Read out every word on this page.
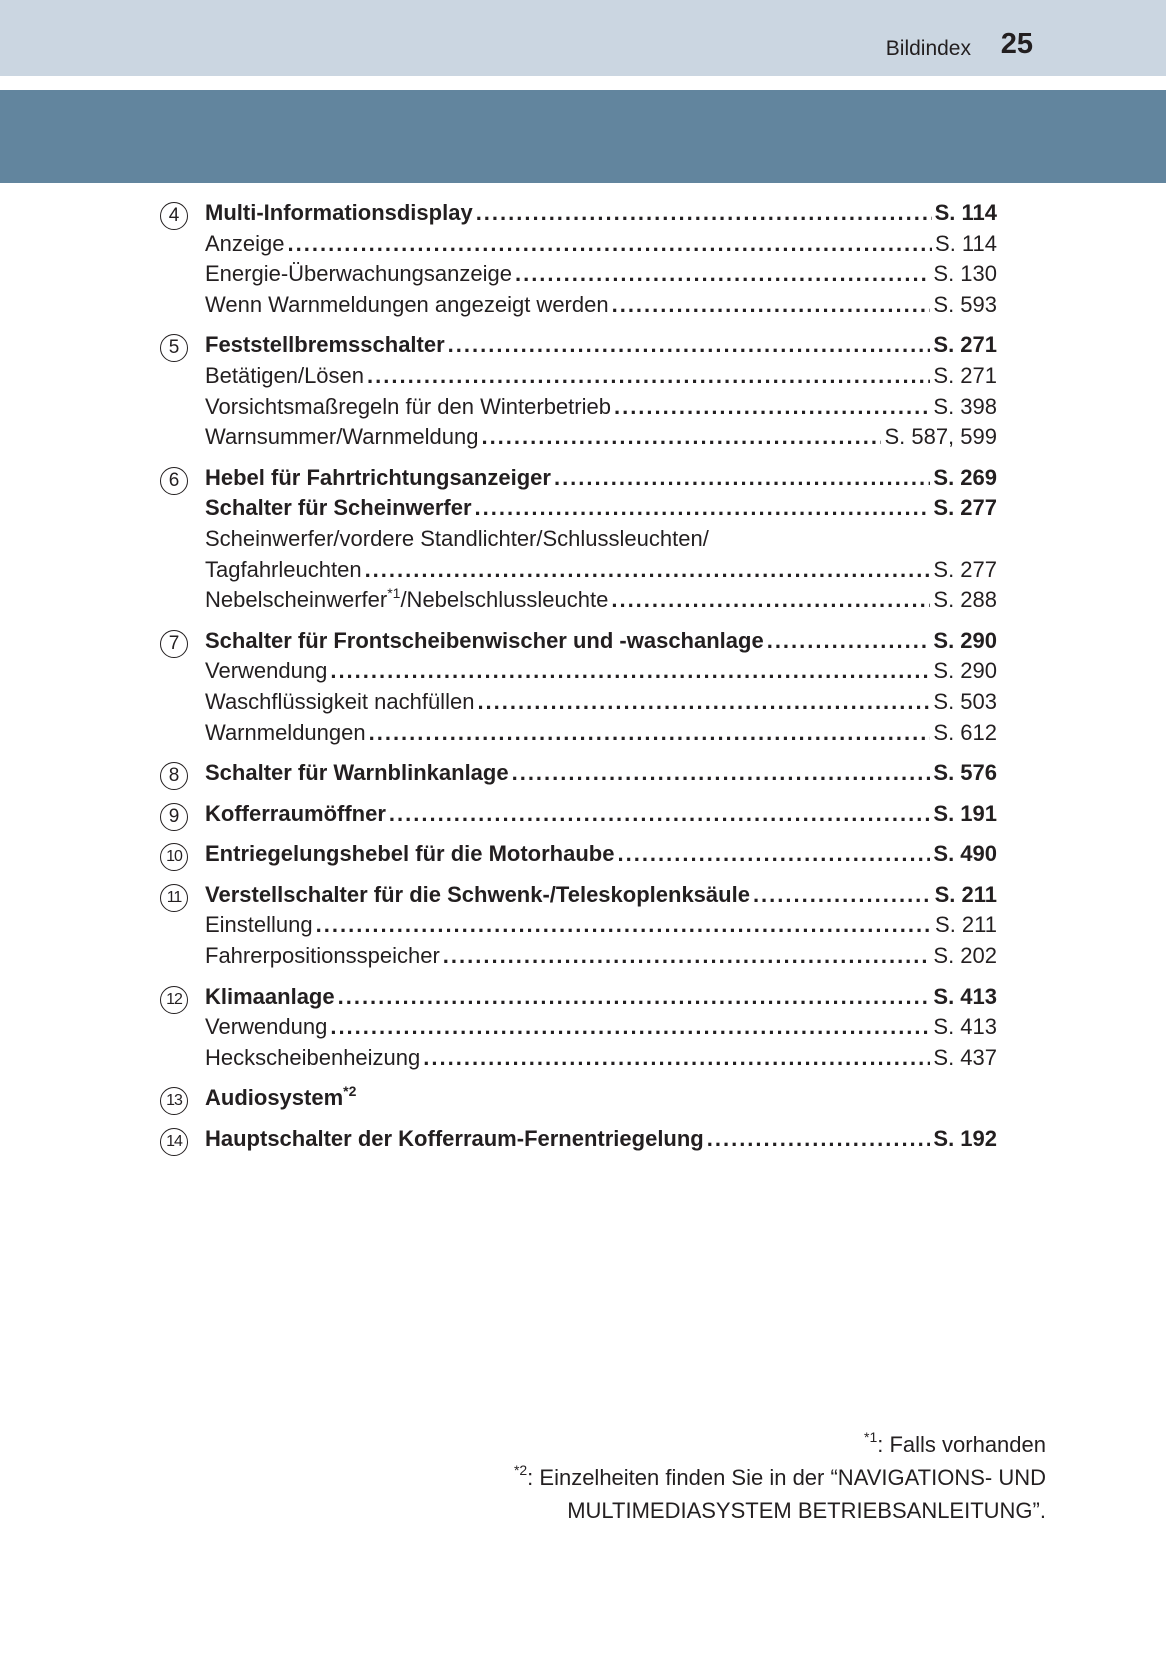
Bildindex 25
4	Multi-Informationsdisplay .....	S. 114
Anzeige .....	S. 114
Energie-Überwachungsanzeige .....	S. 130
Wenn Warnmeldungen angezeigt werden .....	S. 593
5	Feststellbremsschalter .....	S. 271
Betätigen/Lösen .....	S. 271
Vorsichtsmaßregeln für den Winterbetrieb .....	S. 398
Warnsummer/Warnmeldung .....	S. 587, 599
6	Hebel für Fahrtrichtungsanzeiger .....	S. 269
Schalter für Scheinwerfer .....	S. 277
Scheinwerfer/vordere Standlichter/Schlussleuchten/
Tagfahrleuchten .....	S. 277
Nebelscheinwerfer$^{*1}$/Nebelschlussleuchte .....	S. 288
7	Schalter für Frontscheibenwischer und -waschanlage .....	S. 290
Verwendung .....	S. 290
Waschflüssigkeit nachfüllen .....	S. 503
Warnmeldungen .....	S. 612
8	Schalter für Warnblinkanlage .....	S. 576
9	Kofferraumöffner .....	S. 191
10 Entriegelungshebel für die Motorhaube .....	S. 490
11	Verstellschalter für die Schwenk-/Teleskoplenksäule .....	S. 211
Einstellung .....	S. 211
Fahrerpositionsspeicher .....	S. 202
12 Klimaanlage .....	S. 413
Verwendung .....	S. 413
Heckscheibenheizung .....	S. 437
13 Audiosystem$^{*2}$
14 Hauptschalter der Kofferraum-Fernentriegelung .....	S. 192
$^{*1}$: Falls vorhanden
$^{*2}$: Einzelheiten finden Sie in der “NAVIGATIONS- UND
MULTIMEDIASYSTEM BETRIEBSANLEITUNG”.
